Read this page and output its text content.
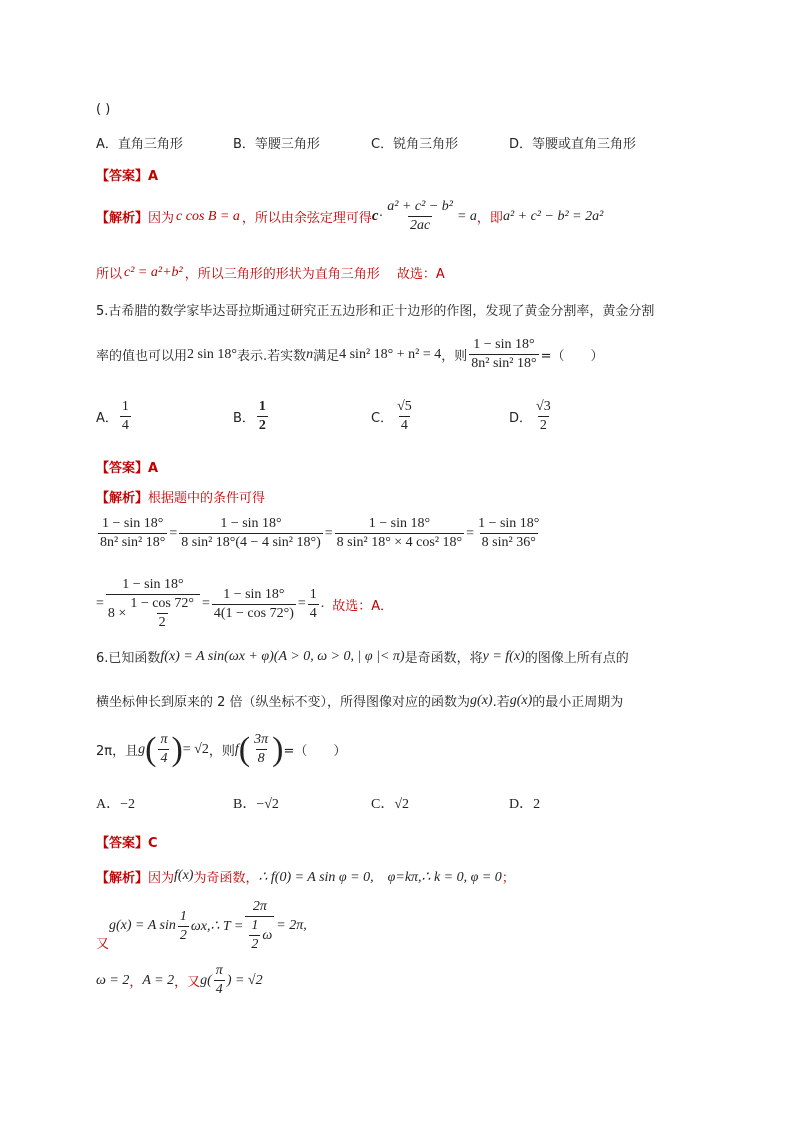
( )
A．直角三角形	B．等腰三角形	C．锐角三角形	D．等腰或直角三角形
【答案】A
【解析】 因为 c cos B = a ，所以由余弦定理可得 $c \cdot \frac{\text{a² + c² − b²}}{2ac} = a$ ，即 a² + c² − b² = 2a²
所以 c² = a²+b² ，所以三角形的形状为直角三角形　 故选：A
5.古希腊的数学家毕达哥拉斯通过研究正五边形和正十边形的作图，发现了黄金分割率，黄金分割
率的值也可以用 2 sin 18° 表示.若实数 n 满足 4 sin² 18° + n² = 4 ，则 $\frac{1 - \sin 18^\circ}{\text{8n² sin² 18°}}$ =（　　）
A． $\frac{1}{4}$	B． $\frac{1}{2}$	C． $\frac{√5}{4}$	D． $\frac{√3}{2}$
【答案】A
【解析】根据题中的条件可得
$\frac{1 - \sin 18^\circ}{\text{8n² sin² 18°}} = \frac{1 - \sin 18^\circ}{\text{8 sin² 18°(4 − 4 sin² 18°)}} = \frac{1 - \sin 18^\circ}{\text{8 sin² 18° × 4 cos² 18°}} = \frac{1 - \sin 18^\circ}{\text{8 sin² 36°}}$
= $\frac{1 - \sin 18^\circ}{8 \times \frac{1 - \cos 72^\circ}{2}} = \frac{1 - \sin 18^\circ}{4(1 - \cos 72^\circ)} = \frac{1}{4}$ . 故选：A．
6.已知函数 f(x) = A sin(ωx + φ)(A > 0, ω > 0, | φ |< π) 是奇函数，将 y = f(x) 的图像上所有点的
横坐标伸长到原来的 2 倍（纵坐标不变），所得图像对应的函数为 g(x) .若 g(x) 的最小正周期为
2π，且 g ( $\frac{\pi}{4}$ ) = √2 ，则 f ( $\frac{3\pi}{8}$ ) =（　　）
A．−2	B．−√2	C．√2	D．2
【答案】C
【解析】 因为 f(x) 为奇函数， ∴ f(0) = A sin φ = 0,　φ=kπ,∴ k = 0, φ = 0 ；
又
g(x) = A $\sin \frac{1}{2}$ ωx,∴ $T = \frac{2\pi}{\frac{1}{2} \omega} = 2\pi$,
ω = 2 ， A = 2 ，又 $g( \frac{\pi}{4}$ ) = √2
